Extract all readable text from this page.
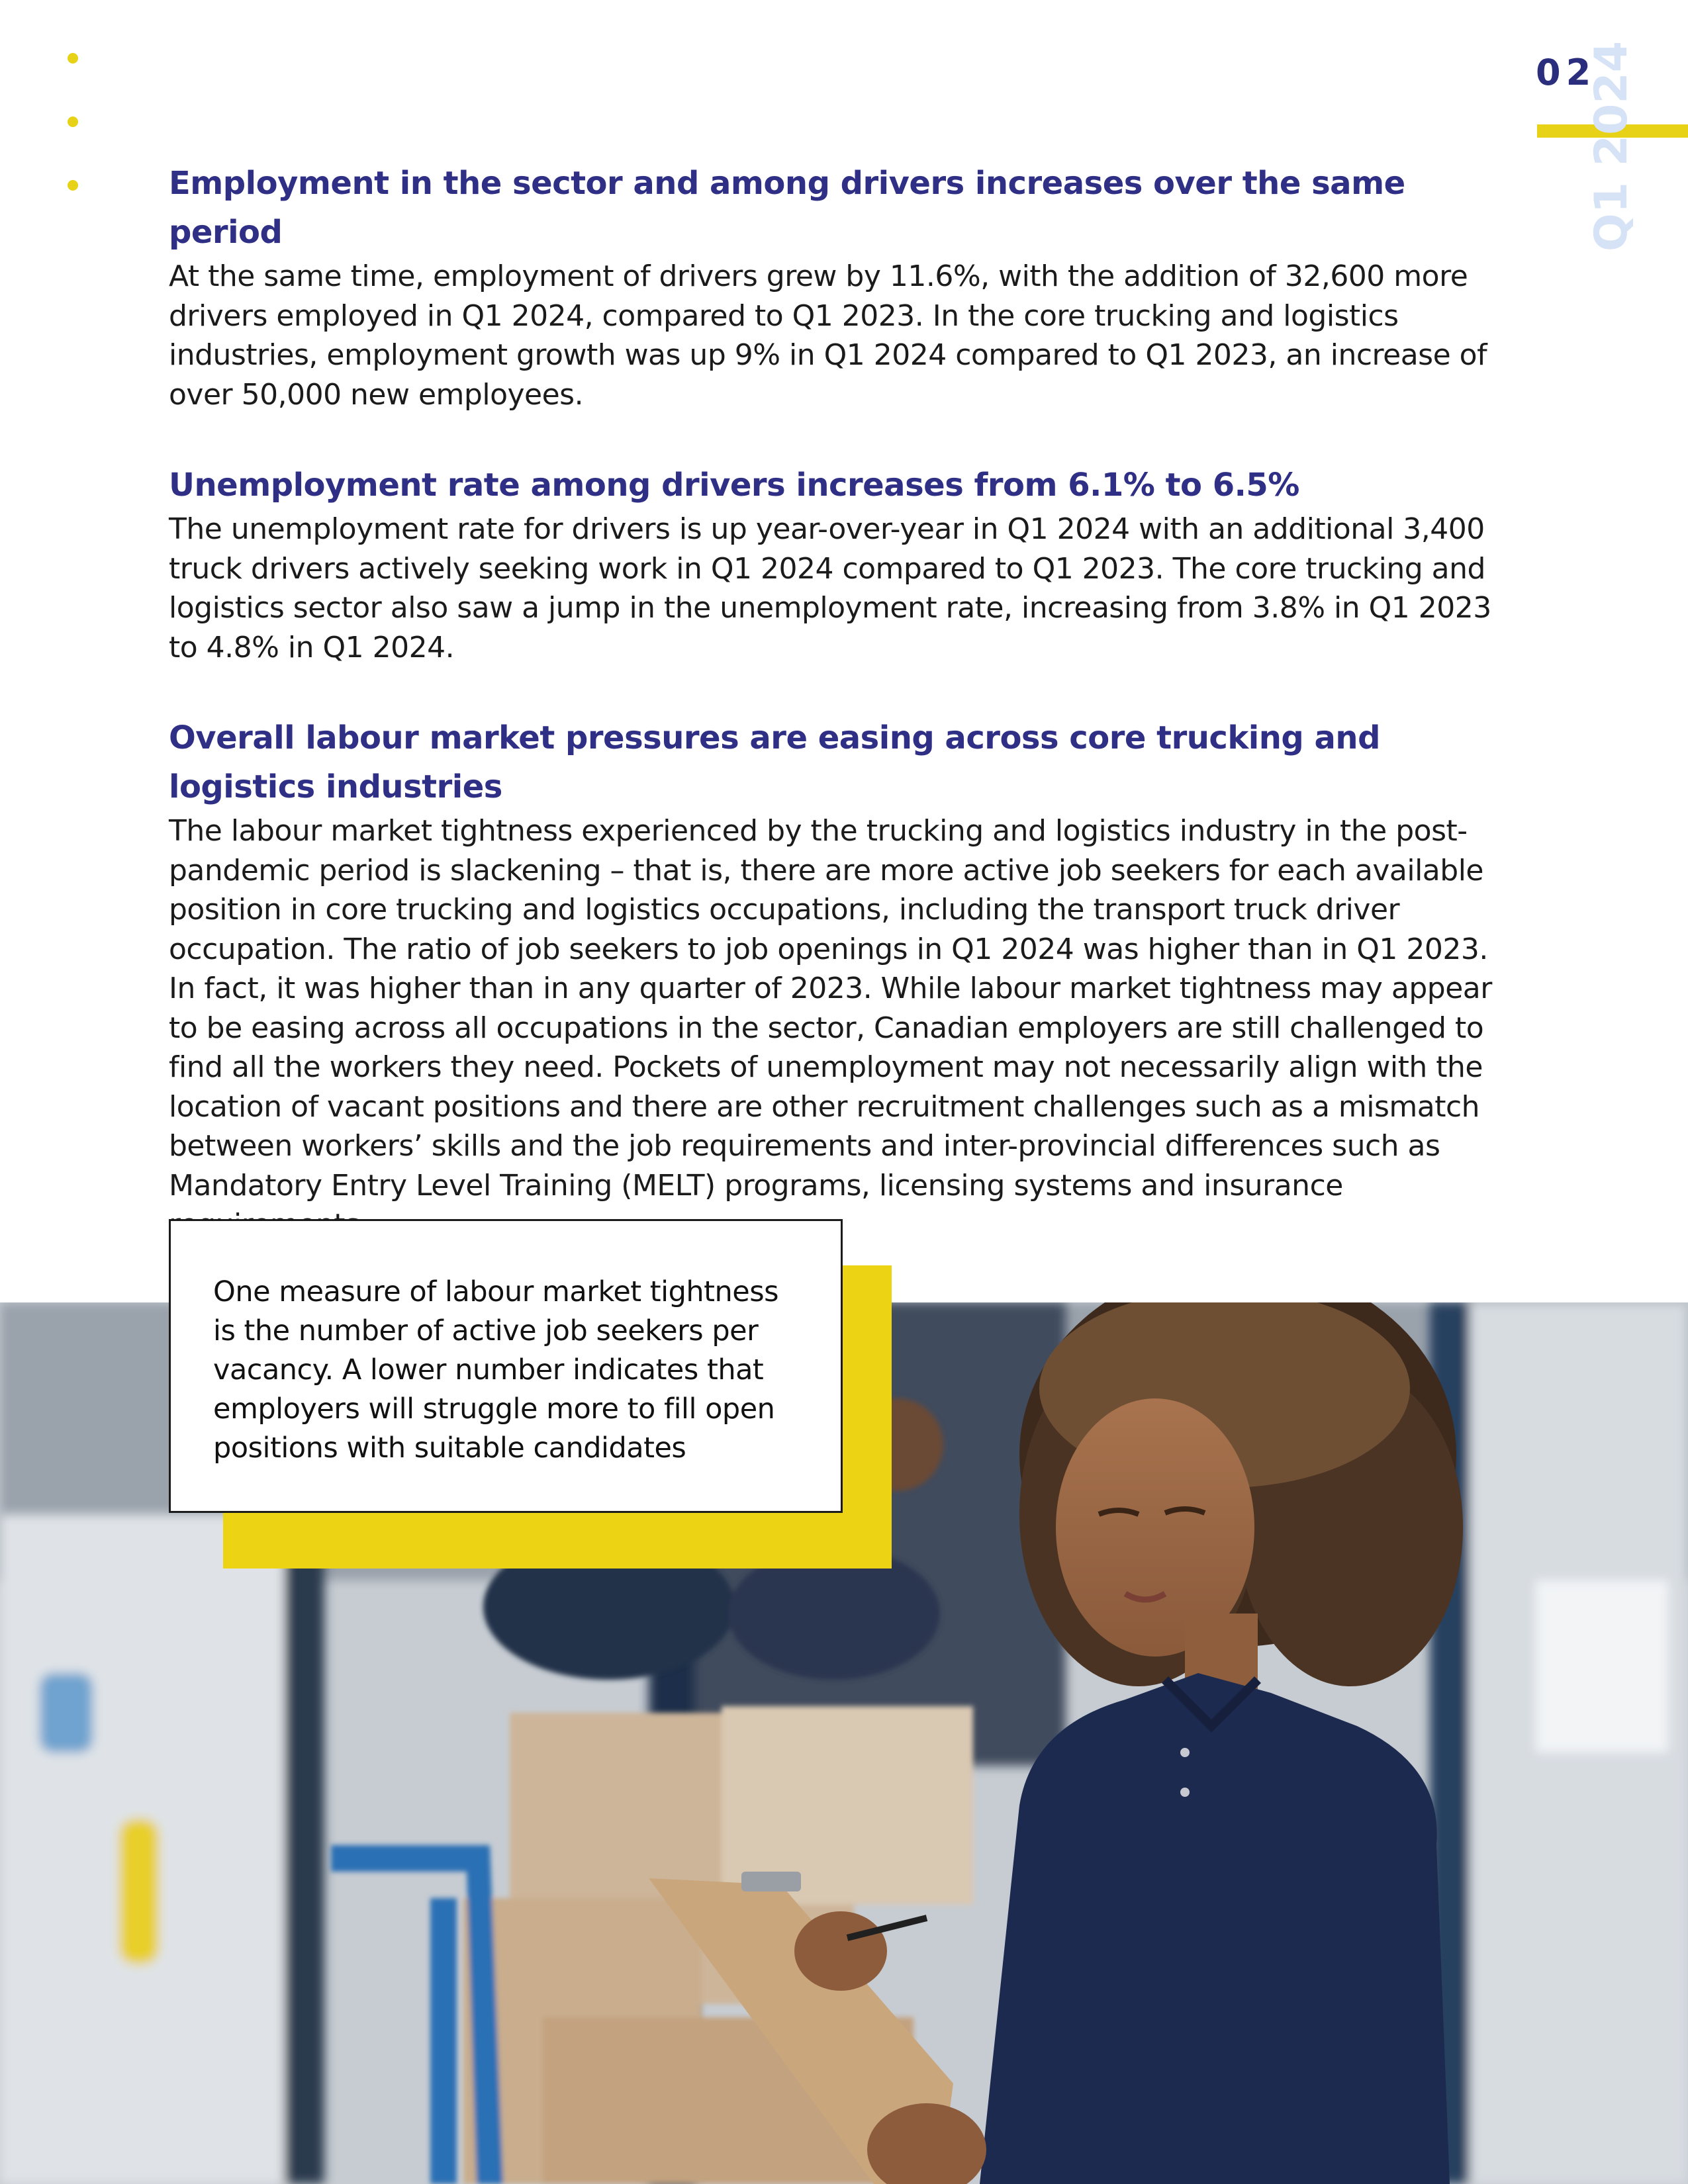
02
Q1 2024
Employment in the sector and among drivers increases over the same period

At the same time, employment of drivers grew by 11.6%, with the addition of 32,600 more drivers employed in Q1 2024, compared to Q1 2023. In the core trucking and logistics industries, employment growth was up 9% in Q1 2024 compared to Q1 2023, an increase of over 50,000 new employees.

Unemployment rate among drivers increases from 6.1% to 6.5%

The unemployment rate for drivers is up year-over-year in Q1 2024 with an additional 3,400 truck drivers actively seeking work in Q1 2024 compared to Q1 2023. The core trucking and logistics sector also saw a jump in the unemployment rate, increasing from 3.8% in Q1 2023 to 4.8% in Q1 2024.

Overall labour market pressures are easing across core trucking and logistics industries

The labour market tightness experienced by the trucking and logistics industry in the post-pandemic period is slackening – that is, there are more active job seekers for each available position in core trucking and logistics occupations, including the transport truck driver occupation. The ratio of job seekers to job openings in Q1 2024 was higher than in Q1 2023. In fact, it was higher than in any quarter of 2023. While labour market tightness may appear to be easing across all occupations in the sector, Canadian employers are still challenged to find all the workers they need. Pockets of unemployment may not necessarily align with the location of vacant positions and there are other recruitment challenges such as a mismatch between workers’ skills and the job requirements and inter-provincial differences such as Mandatory Entry Level Training (MELT) programs, licensing systems and insurance

One measure of labour market tightness is the number of active job seekers per vacancy. A lower number indicates that employers will struggle more to fill open positions with suitable candidates
